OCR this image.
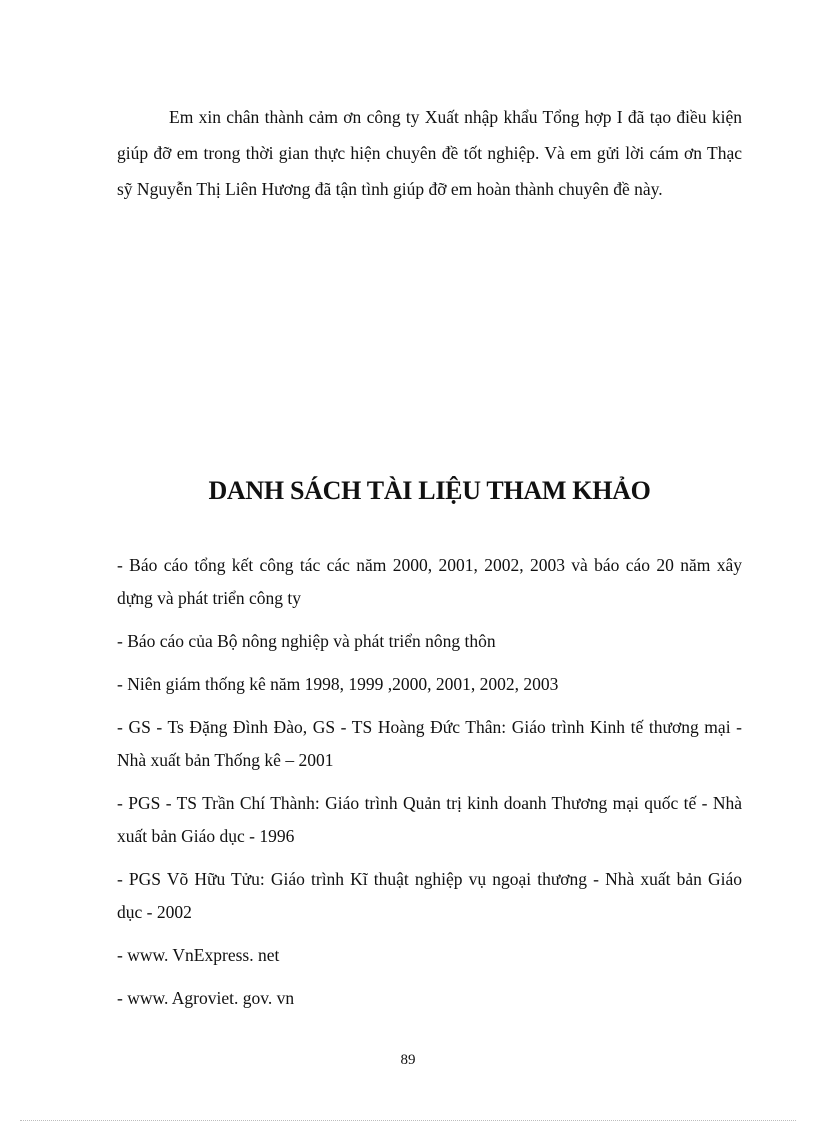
Em xin chân thành cảm ơn công ty Xuất nhập khẩu Tổng hợp I đã tạo điều kiện giúp đỡ em trong thời gian thực hiện chuyên đề tốt nghiệp. Và em gửi lời cám ơn Thạc sỹ Nguyễn Thị Liên Hương đã tận tình giúp đỡ em hoàn thành chuyên đề này.

DANH SÁCH TÀI LIỆU THAM KHẢO
- Báo cáo tổng kết công tác các năm 2000, 2001, 2002, 2003 và báo cáo 20 năm xây dựng và phát triển công ty
- Báo cáo của Bộ nông nghiệp và phát triển nông thôn
- Niên giám thống kê năm 1998, 1999 ,2000, 2001, 2002, 2003
- GS - Ts Đặng Đình Đào, GS - TS Hoàng Đức Thân: Giáo trình Kinh tế thương mại - Nhà xuất bản Thống kê – 2001
- PGS - TS Trần Chí Thành: Giáo trình Quản trị kinh doanh Thương mại quốc tế - Nhà xuất bản Giáo dục - 1996
- PGS Võ Hữu Tửu: Giáo trình Kĩ thuật nghiệp vụ ngoại thương - Nhà xuất bản Giáo dục - 2002
- www. VnExpress. net
- www. Agroviet. gov. vn

89
